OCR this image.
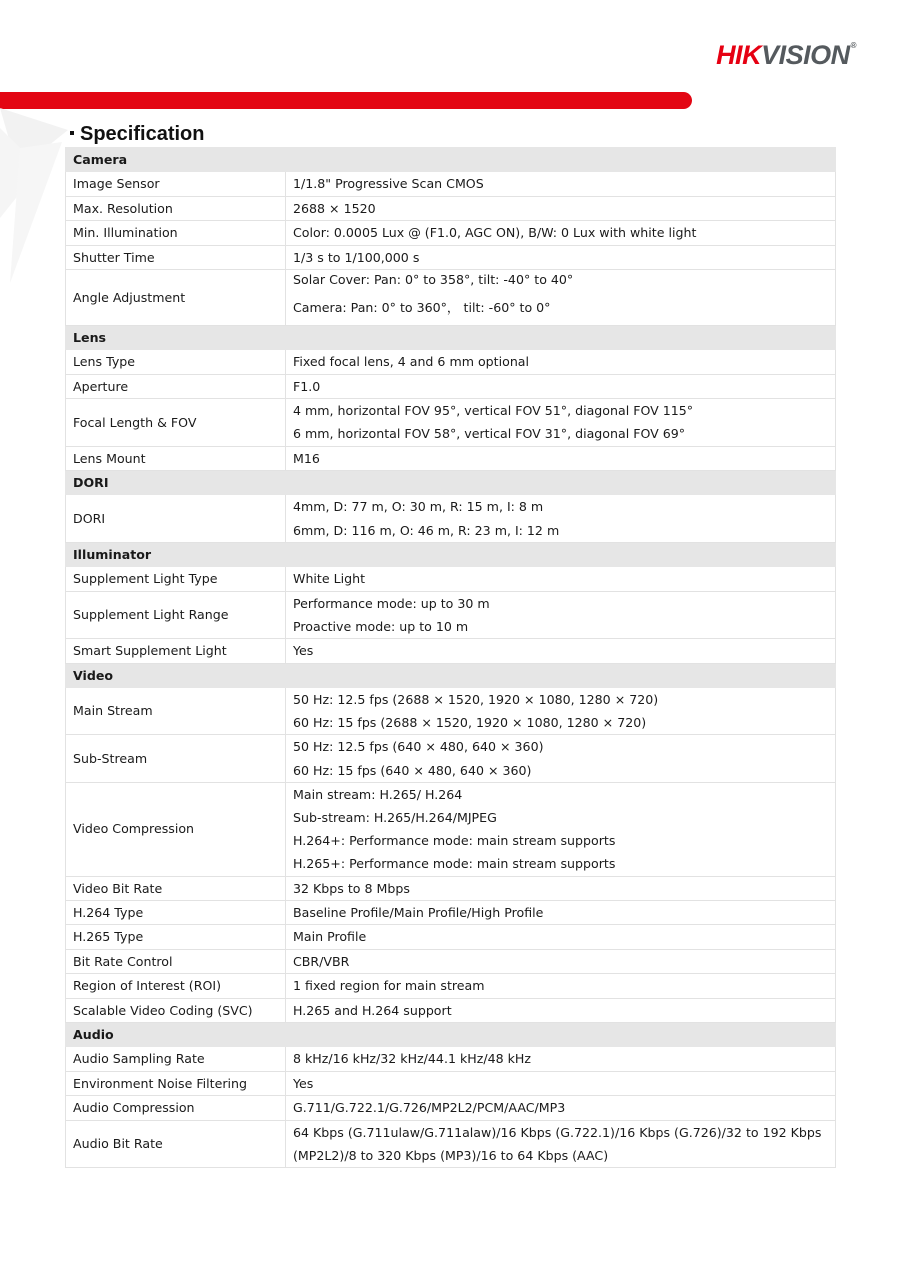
HIKVISION®
Specification
Camera	
Image Sensor	1/1.8" Progressive Scan CMOS

Max. Resolution	2688 × 1520

Min. Illumination	Color: 0.0005 Lux @ (F1.0, AGC ON), B/W: 0 Lux with white light

Shutter Time	1/3 s to 1/100,000 s

Angle Adjustment	Solar Cover: Pan: 0° to 358°, tilt: -40° to 40°
Camera: Pan: 0° to 360°， tilt: -60° to 0°

Lens	
Lens Type	Fixed focal lens, 4 and 6 mm optional

Aperture	F1.0

Focal Length & FOV	4 mm, horizontal FOV 95°, vertical FOV 51°, diagonal FOV 115°
6 mm, horizontal FOV 58°, vertical FOV 31°, diagonal FOV 69°

Lens Mount	M16

DORI	
DORI	4mm, D: 77 m, O: 30 m, R: 15 m, I: 8 m
6mm, D: 116 m, O: 46 m, R: 23 m, I: 12 m

Illuminator	
Supplement Light Type	White Light

Supplement Light Range	Performance mode: up to 30 m
Proactive mode: up to 10 m

Smart Supplement Light	Yes

Video	
Main Stream	50 Hz: 12.5 fps (2688 × 1520, 1920 × 1080, 1280 × 720)
60 Hz: 15 fps (2688 × 1520, 1920 × 1080, 1280 × 720)

Sub-Stream	50 Hz: 12.5 fps (640 × 480, 640 × 360)
60 Hz: 15 fps (640 × 480, 640 × 360)

Video Compression	Main stream: H.265/ H.264
Sub-stream: H.265/H.264/MJPEG
H.264+: Performance mode: main stream supports
H.265+: Performance mode: main stream supports

Video Bit Rate	32 Kbps to 8 Mbps

H.264 Type	Baseline Profile/Main Profile/High Profile

H.265 Type	Main Profile

Bit Rate Control	CBR/VBR

Region of Interest (ROI)	1 fixed region for main stream

Scalable Video Coding (SVC)	H.265 and H.264 support

Audio	
Audio Sampling Rate	8 kHz/16 kHz/32 kHz/44.1 kHz/48 kHz

Environment Noise Filtering	Yes

Audio Compression	G.711/G.722.1/G.726/MP2L2/PCM/AAC/MP3

Audio Bit Rate	64 Kbps (G.711ulaw/G.711alaw)/16 Kbps (G.722.1)/16 Kbps (G.726)/32 to 192 Kbps
(MP2L2)/8 to 320 Kbps (MP3)/16 to 64 Kbps (AAC)
